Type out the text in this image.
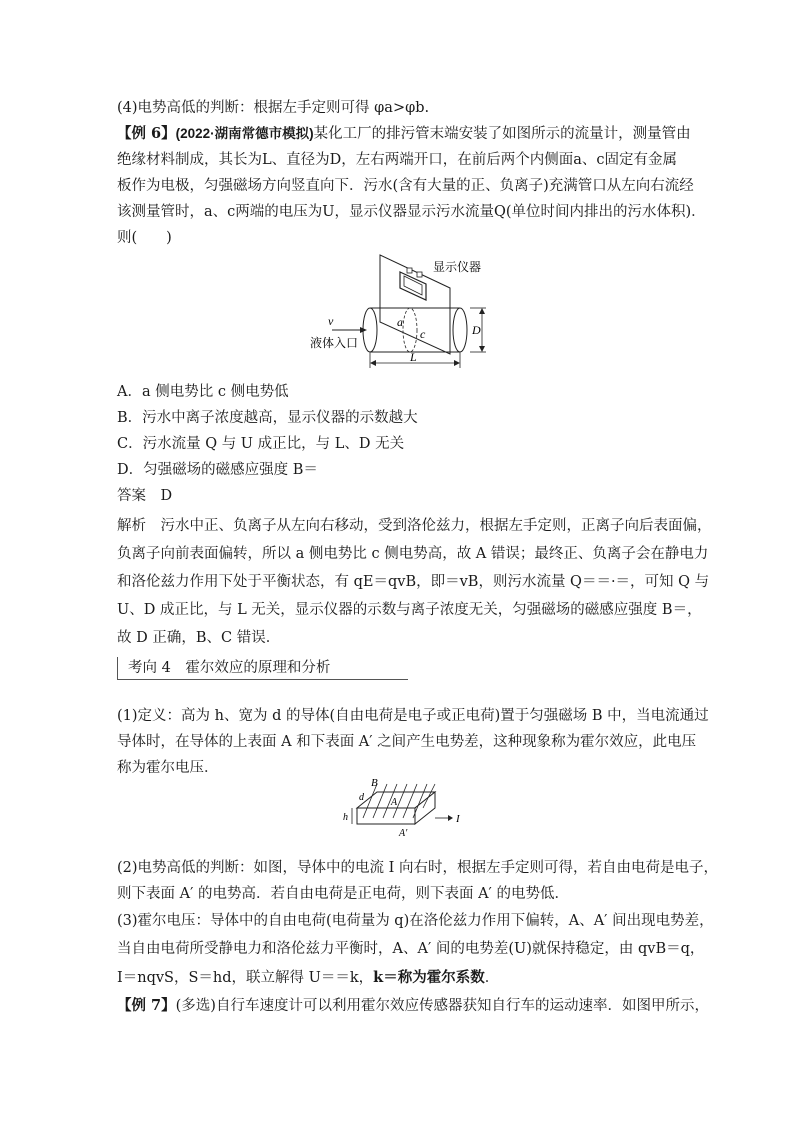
(4)电势高低的判断：根据左手定则可得 φa>φb.
【例 6】(2022·湖南常德市模拟)某化工厂的排污管末端安装了如图所示的流量计，测量管由
绝缘材料制成，其长为L、直径为D，左右两端开口，在前后两个内侧面a、c固定有金属
板作为电极，匀强磁场方向竖直向下．污水(含有大量的正、负离子)充满管口从左向右流经
该测量管时，a、c两端的电压为U，显示仪器显示污水流量Q(单位时间内排出的污水体积)．
则(　　)
显示仪器
v
液体入口
a
c	D
L
A．a 侧电势比 c 侧电势低
B．污水中离子浓度越高，显示仪器的示数越大
C．污水流量 Q 与 U 成正比，与 L、D 无关
D．匀强磁场的磁感应强度 B＝
答案　D
解析　污水中正、负离子从左向右移动，受到洛伦兹力，根据左手定则，正离子向后表面偏，
负离子向前表面偏转，所以 a 侧电势比 c 侧电势高，故 A 错误；最终正、负离子会在静电力
和洛伦兹力作用下处于平衡状态，有 qE＝qvB，即＝vB，则污水流量 Q＝＝·＝，可知 Q 与
U、D 成正比，与 L 无关，显示仪器的示数与离子浓度无关，匀强磁场的磁感应强度 B＝，
故 D 正确，B、C 错误．
考向 4　霍尔效应的原理和分析
(1)定义：高为 h、宽为 d 的导体(自由电荷是电子或正电荷)置于匀强磁场 B 中，当电流通过
导体时，在导体的上表面 A 和下表面 A′ 之间产生电势差，这种现象称为霍尔效应，此电压
称为霍尔电压．
B
d
h
A
A′
I
(2)电势高低的判断：如图，导体中的电流 I 向右时，根据左手定则可得，若自由电荷是电子，
则下表面 A′ 的电势高．若自由电荷是正电荷，则下表面 A′ 的电势低．
(3)霍尔电压：导体中的自由电荷(电荷量为 q)在洛伦兹力作用下偏转，A、A′ 间出现电势差，
当自由电荷所受静电力和洛伦兹力平衡时，A、A′ 间的电势差(U)就保持稳定，由 qvB＝q，
I＝nqvS，S＝hd，联立解得 U＝＝k，k＝称为霍尔系数．
【例 7】(多选)自行车速度计可以利用霍尔效应传感器获知自行车的运动速率．如图甲所示，
